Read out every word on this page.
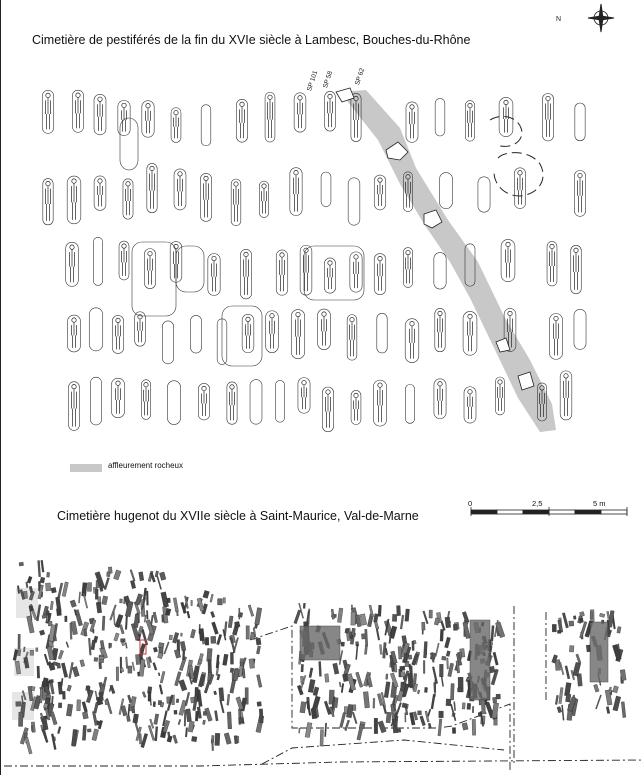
Cimetière de pestiférés de la fin du XVIe siècle à Lambesc, Bouches-du-Rhône
Cimetière hugenot du XVIIe siècle à Saint-Maurice, Val-de-Marne
N
SP 101 SP 58	SP 62
affleurement rocheux
0	2,5	5 m
